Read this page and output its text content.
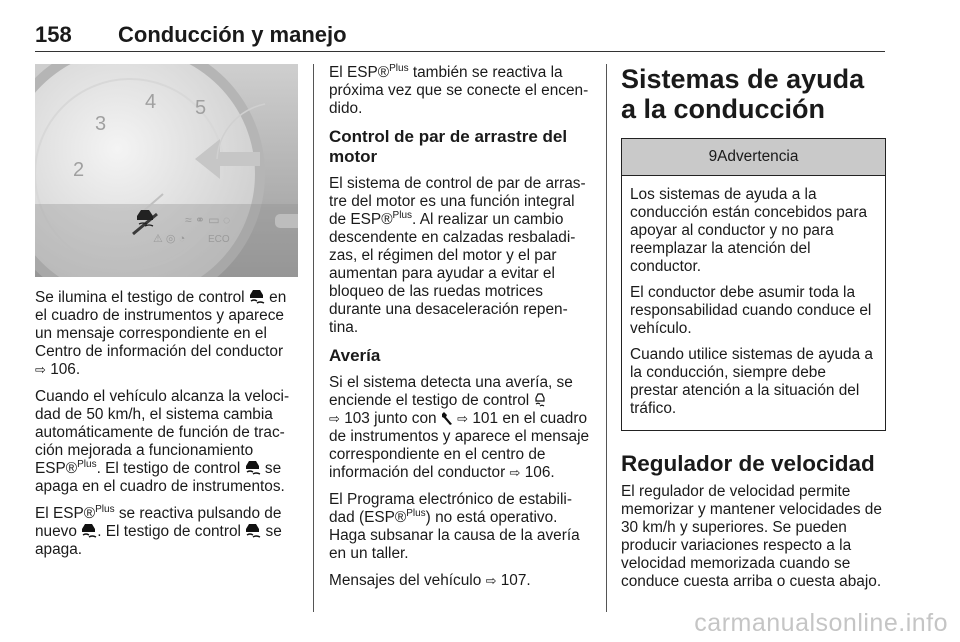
158 Conducción y manejo
2
3
4 5
≈ ⚭ ▭ ◌
⚠ ◎ ◔ ECO

Se ilumina el testigo de control  en el cuadro de instrumentos y aparece un mensaje correspondiente en el Centro de información del conductor ⇨ 106.

Cuando el vehículo alcanza la veloci-dad de 50 km/h, el sistema cambia automáticamente de función de trac-ción mejorada a funcionamiento ESP®$^{Plus}$. El testigo de control  se apaga en el cuadro de instrumentos.

El ESP®$^{Plus}$ se reactiva pulsando de nuevo . El testigo de control  se apaga.

El ESP®$^{Plus}$ también se reactiva la próxima vez que se conecte el encen-dido.

Control de par de arrastre del motor

El sistema de control de par de arras-tre del motor es una función integral de ESP®$^{Plus}$. Al realizar un cambio descendente en calzadas resbaladi-zas, el régimen del motor y el par aumentan para ayudar a evitar el bloqueo de las ruedas motrices durante una desaceleración repen-tina.

Avería

Si el sistema detecta una avería, se enciende el testigo de control
⇨ 103 junto con  ⇨ 101 en el cuadro de instrumentos y aparece el mensaje correspondiente en el centro de información del conductor ⇨ 106.

El Programa electrónico de estabili-dad (ESP®$^{Plus}$) no está operativo. Haga subsanar la causa de la avería en un taller.

Mensajes del vehículo ⇨ 107.

Sistemas de ayuda a la conducción
9Advertencia

Los sistemas de ayuda a la conducción están concebidos para apoyar al conductor y no para reemplazar la atención del conductor.

El conductor debe asumir toda la responsabilidad cuando conduce el vehículo.

Cuando utilice sistemas de ayuda a la conducción, siempre debe prestar atención a la situación del tráfico.

Regulador de velocidad

El regulador de velocidad permite memorizar y mantener velocidades de 30 km/h y superiores. Se pueden producir variaciones respecto a la velocidad memorizada cuando se conduce cuesta arriba o cuesta abajo.

carmanualsonline.info
